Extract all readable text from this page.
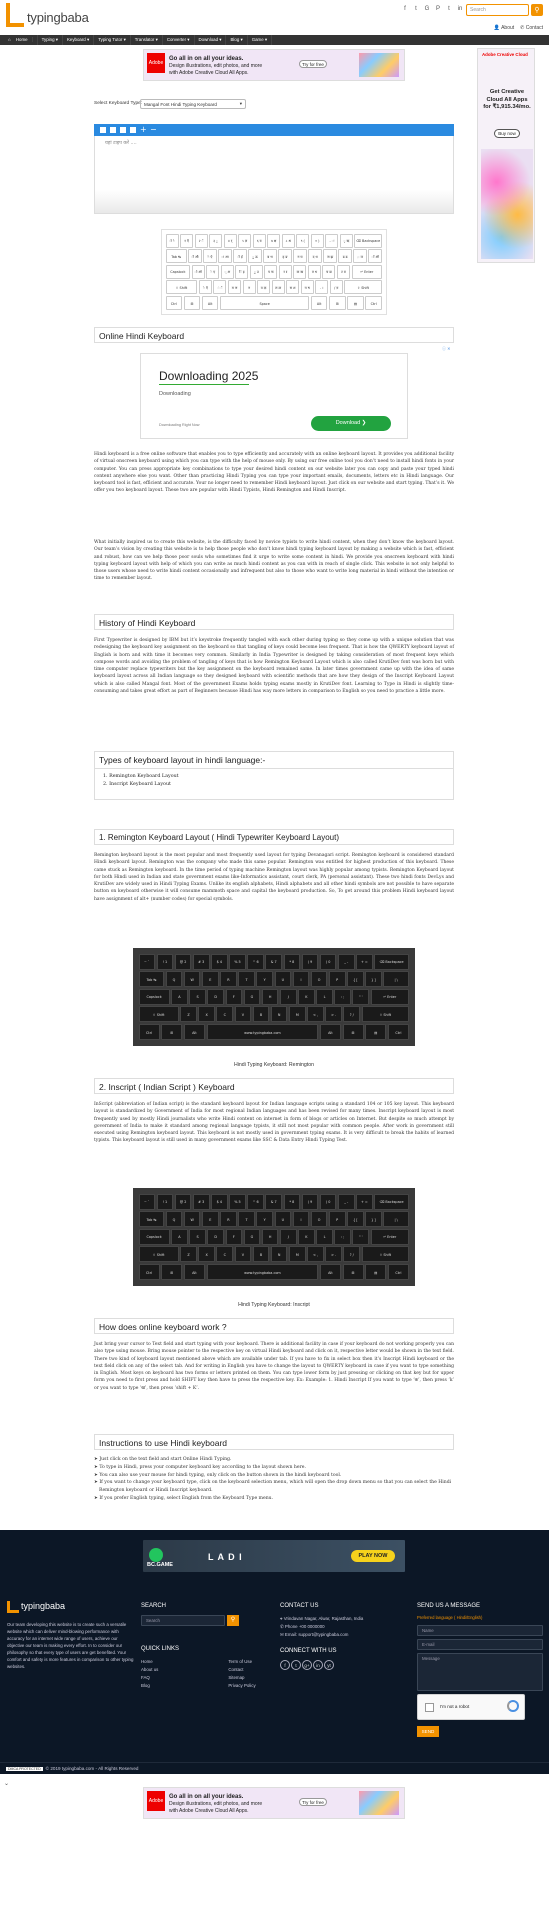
typingbaba
f	t	G	P	t	in	Search	⚲
👤 About ✆ Contact
⌂ Home	Typing ▾	Keyboard ▾	Typing Tutor ▾	Translator ▾	Converter ▾	Download ▾	Blog ▾	Game ▾
Adobe
Go all in on all your ideas.
Design illustrations, edit photos, and more
with Adobe Creative Cloud All Apps.
Try for free
Adobe Creative Cloud
Get Creative Cloud All Apps for ₹1,915.34/mo.
Buy now
Select Keyboard Type: Mangal Font Hindi Typing Keyboard ▾
+ −
यहां टाइप करें ....
ॊ ै	१ ऍ	२ ॅ	३ ्र	४ र्	५ ज्ञ	६ त्र	७ क्ष	८ श्र	९ (	० )	- ः	ृ ऋ	⌫ Backspace
Tab ↹	ौ औ	ै ऐ	ा आ	ी ई	ू ऊ	ब भ	ह ङ	ग घ	द ध	ज झ	ड ढ	़ ञ	ॉ ऑ
Capslock	ो ओ	े ए	् अ	ि इ	ु उ	प फ	र ऱ	क ख	त थ	च छ	ट ठ	↵ Enter
⇧ Shift	ॆ ऎ	ं ँ	म ण	न	व ऴ	ल ळ	स श	य ष	. ।	/ य़	⇧ Shift
Ctrl	⊞	Alt	Space	Alt	⊞	▤	Ctrl
Online Hindi Keyboard
ⓘ ✕
Downloading 2025
Downloading
Downloading Right Now	Download ❯
Hindi keyboard is a free online software that enables you to type efficiently and accurately with an online keyboard layout. It provides you additional facility of virtual onscreen keyboard using which you can type with the help of mouse only. By using our free online tool you don’t need to install hindi fonts in your computer. You can press appropriate key combinations to type your desired hindi content on our website later you can copy and paste your typed hindi content anywhere else you want. Other than practicing Hindi Typing you can type your important emails, documents, letters etc in Hindi language. Our keyboard tool is fast, efficient and accurate. Your no longer need to remember Hindi keyboard layout. Just click on our website and start typing. That’s it. We offer you two keyboard layout. These two are popular with Hindi Typists, Hindi Remington and Hindi Inscript.
What initially inspired us to create this website, is the difficulty faced by novice typists to write hindi content, when they don’t know the keyboard layout. Our team’s vision by creating this website is to help those people who don’t know hindi typing keyboard layout by making a website which is fast, efficient and robust, how can we help those poor souls who sometimes find it urge to write some content in hindi. We provide you onscreen keyboard with hindi typing keyboard layout with help of which you can write as much hindi content as you can with in reach of single click. This website is not only helpful to those users whose need to write hindi content occasionally and infrequent but also to those who want to write long material in hindi without the intention or time to remember layout.
History of Hindi Keyboard
First Typewriter is designed by IBM but it’s keystroke frequently tangled with each other during typing so they come up with a unique solution that was redesigning the keyboard key assignment on the keyboard so that tangling of keys could become less frequent. That is how the QWERTY keyboard layout of English is born and with time it becomes very common. Similarly in India Typewriter is designed by taking consideration of most frequent keys which compose words and avoiding the problem of tangling of keys that is how Remington Keyboard Layout which is also called KrutiDev font was born but with time computer replace typewriters but the key assignment on the keyboard remained same. In later times government came up with the idea of same keyboard layout across all Indian language so they designed keyboard with scientific methods that are how they design of the Inscript Keyboard Layout which is also called Mangal font. Most of the government Exams holds typing exams mostly in KrutiDev font. Learning to Type in Hindi is slightly time-consuming and takes great effort as part of Beginners because Hindi has way more letters in comparison to English so you need to practice a little more.
Types of keyboard layout in hindi language:-
1. Remington Keyboard Layout
2. Inscript Keyboard Layout
1. Remington Keyboard Layout ( Hindi Typewriter Keyboard Layout)
Remington keyboard layout is the most popular and most frequently used layout for typing Devanagari script. Remington keyboard is considered standard Hindi keyboard layout. Remington was the company who made this same popular. Remington was entitled for highest production of this keyboard. These came stuck as Remington keyboard. In the time period of typing machine Remington layout was highly popular among typists. Remington Keyboard layout for both Hindi used in Indian and state government exams like-Informatics assistant, court clerk, PA (personal assistant). These two hindi fonts DevLys and KrutiDev are widely used in Hindi Typing Exams. Unlike its english alphabets, Hindi alphabets and all other hindi symbols are not possible to have separate button on keyboard otherwise it will consume mammoth space and capital the keyboard production. So, To get around this problem Hindi keyboard layout have assignment of alt+ (number codes) for special symbols.
~ `	! 1	@ 2	# 3	$ 4	% 5	^ 6	& 7	* 8	( 9	) 0	_ -	+ =	⌫ Backspace
Tab ↹	Q	W	E	R	T	Y	U	I	O	P	{ [	} ]	| \
Capslock	A	S	D	F	G	H	J	K	L	: ;	" '	↵ Enter
⇧ Shift	Z	X	C	V	B	N	M	< ,	> .	? /	⇧ Shift
Ctrl	⊞	Alt	www.typingbaba.com	Alt	⊞	▤	Ctrl
Hindi Typing Keyboard: Remington
2. Inscript ( Indian Script ) Keyboard
InScript (abbreviation of Indian script) is the standard keyboard layout for Indian language scripts using a standard 104 or 105 key layout. This keyboard layout is standardized by Government of India for most regional Indian languages and has been revised for many times. Inscript keyboard layout is most frequently used by mostly Hindi journalists who write Hindi content on internet in form of blogs or articles on Internet. But despite so much attempt by government of India to make it standard among regional language typists, it still not most popular with common people. After work in government still executed using Remington keyboard layout. This keyboard is not mostly used in government typing exams. It is very difficult to break the habits of learned typists. This keyboard layout is still used in many government exams like SSC & Data Entry Hindi Typing Test.
~ `	! 1	@ 2	# 3	$ 4	% 5	^ 6	& 7	* 8	( 9	) 0	_ -	+ =	⌫ Backspace
Tab ↹	Q	W	E	R	T	Y	U	I	O	P	{ [	} ]	| \
Capslock	A	S	D	F	G	H	J	K	L	: ;	" '	↵ Enter
⇧ Shift	Z	X	C	V	B	N	M	< ,	> .	? /	⇧ Shift
Ctrl	⊞	Alt	www.typingbaba.com	Alt	⊞	▤	Ctrl
Hindi Typing Keyboard: Inscript
How does online keyboard work ?
Just bring your cursor to Text field and start typing with your keyboard. There is additional facility in case if your keyboard do not working properly you can also type using mouse. Bring mouse pointer to the respective key on virtual Hindi keyboard and click on it, respective letter would be shown in the text field. There two kind of keyboard layout mentioned above which are available under tab. If you have to fix in select box then it’s Inscript Hindi keyboard or the text field click on any of the select tab. And for writing in English you have to change the layout to QWERTY keyboard in case if you want to type something in English. Most keys on keyboard has two forms or letters printed on them. You can type lower form by just pressing or clicking on that key but for upper form you need to first press and hold SHIFT key then have to press the respective key. Ex: Example: 1. Hindi Inscript If you want to type ‘क’, then press ‘k’ or you want to type ‘ख’, then press ‘shift + K’.
Instructions to use Hindi keyboard
➤ Just click on the text field and start Online Hindi Typing.
➤ To type in Hindi, press your computer keyboard key according to the layout shown here.
➤ You can also use your mouse for hindi typing, only click on the button shown in the hindi keyboard tool.
➤ If you want to change your keyboard type, click on the keyboard selection menu, which will open the drop down menu so that you can select the Hindi Remington keyboard or Hindi Inscript keyboard.
➤ If you prefer English typing, select English from the Keyboard Type menu.
BC.GAME
L A D I	PLAY NOW
typingbaba
Our team developing this website is to create such a versatile website which can deliver mind-blowing performance with accuracy for an internet wide range of users, achieve our objective our team is making every effort. In to consider our philosophy so that every type of users are get benefited. Your comfort and safety is more features in comparison to other typing websites.
SEARCH
Search	⚲
QUICK LINKS
Home
About us
FAQ
Blog
Term of Use
Contact
Sitemap
Privacy Policy
CONTACT US
⌖ Vrindavan Nagar, Alwar, Rajasthan, India
✆ Phone +00 0000000
✉ Email: support@typingbaba.com
CONNECT WITH US
f t g+ in yt
SEND US A MESSAGE
Preferred language ( Hindi/English)
Name
E-mail
Message
I'm not a robot
SEND
DMCA PROTECTED © 2019 typingbaba.com - All Rights Reserved
⌄
Adobe
Go all in on all your ideas.
Design illustrations, edit photos, and more
with Adobe Creative Cloud All Apps.
Try for free
